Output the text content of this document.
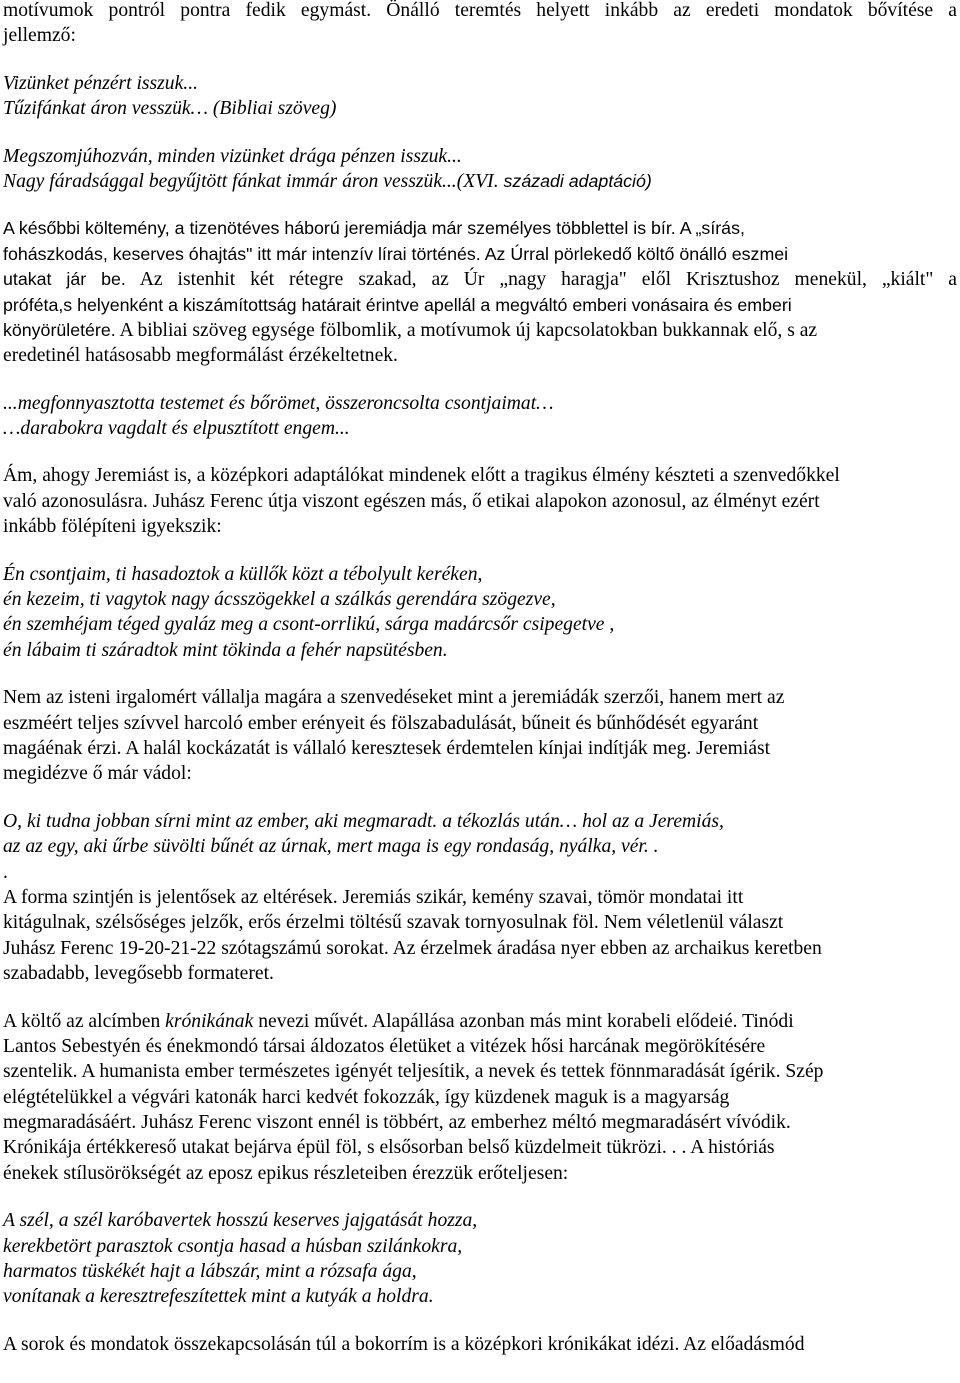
motívumok pontról pontra fedik egymást. Önálló teremtés helyett inkább az eredeti mondatok bővítése a
jellemző:
Vizünket pénzért isszuk...
Tűzifánkat áron vesszük… (Bibliai szöveg)
Megszomjúhozván, minden vizünket drága pénzen isszuk...
Nagy fáradsággal begyűjtött fánkat immár áron vesszük...(XVI. századi adaptáció)
A későbbi költemény, a tizenötéves háború jeremiádja már személyes többlettel is bír. A „sírás,
fohászkodás, keserves óhajtás" itt már intenzív lírai történés. Az Úrral pörlekedő költő önálló eszmei
utakat jár be. Az istenhit két rétegre szakad, az Úr „nagy haragja" elől Krisztushoz menekül, „kiált" a
próféta,s helyenként a kiszámítottság határait érintve apellál a megváltó emberi vonásaira és emberi
könyörületére. A bibliai szöveg egysége fölbomlik, a motívumok új kapcsolatokban bukkannak elő, s az
eredetinél hatásosabb megformálást érzékeltetnek.
...megfonnyasztotta testemet és bőrömet, összeroncsolta csontjaimat…
…darabokra vagdalt és elpusztított engem...
Ám, ahogy Jeremiást is, a középkori adaptálókat mindenek előtt a tragikus élmény készteti a szenvedőkkel
való azonosulásra. Juhász Ferenc útja viszont egészen más, ő etikai alapokon azonosul, az élményt ezért
inkább fölépíteni igyekszik:
Én csontjaim, ti hasadoztok a küllők közt a tébolyult keréken,
én kezeim, ti vagytok nagy ácsszögekkel a szálkás gerendára szögezve,
én szemhéjam téged gyaláz meg a csont-orrlikú, sárga madárcsőr csipegetve ,
én lábaim ti száradtok mint tökinda a fehér napsütésben.
Nem az isteni irgalomért vállalja magára a szenvedéseket mint a jeremiádák szerzői, hanem mert az
eszméért teljes szívvel harcoló ember erényeit és fölszabadulását, bűneit és bűnhődését egyaránt
magáénak érzi. A halál kockázatát is vállaló keresztesek érdemtelen kínjai indítják meg. Jeremiást
megidézve ő már vádol:
O, ki tudna jobban sírni mint az ember, aki megmaradt. a tékozlás után… hol az a Jeremiás,
az az egy, aki űrbe süvölti bűnét az úrnak, mert maga is egy rondaság, nyálka, vér. .
.
A forma szintjén is jelentősek az eltérések. Jeremiás szikár, kemény szavai, tömör mondatai itt
kitágulnak, szélsőséges jelzők, erős érzelmi töltésű szavak tornyosulnak föl. Nem véletlenül választ
Juhász Ferenc 19-20-21-22 szótagszámú sorokat. Az érzelmek áradása nyer ebben az archaikus keretben
szabadabb, levegősebb formateret.
A költő az alcímben krónikának nevezi művét. Alapállása azonban más mint korabeli elődeié. Tinódi
Lantos Sebestyén és énekmondó társai áldozatos életüket a vitézek hősi harcának megörökítésére
szentelik. A humanista ember természetes igényét teljesítik, a nevek és tettek fönnmaradását ígérik. Szép
elégtételükkel a végvári katonák harci kedvét fokozzák, így küzdenek maguk is a magyarság
megmaradásáért. Juhász Ferenc viszont ennél is többért, az emberhez méltó megmaradásért vívódik.
Krónikája értékkereső utakat bejárva épül föl, s elsősorban belső küzdelmeit tükrözi. . . A históriás
énekek stílusörökségét az eposz epikus részleteiben érezzük erőteljesen:
A szél, a szél karóbavertek hosszú keserves jajgatását hozza,
kerekbetört parasztok csontja hasad a húsban szilánkokra,
harmatos tüskékét hajt a lábszár, mint a rózsafa ága,
vonítanak a keresztrefeszítettek mint a kutyák a holdra.
A sorok és mondatok összekapcsolásán túl a bokorrím is a középkori krónikákat idézi. Az előadásmód
